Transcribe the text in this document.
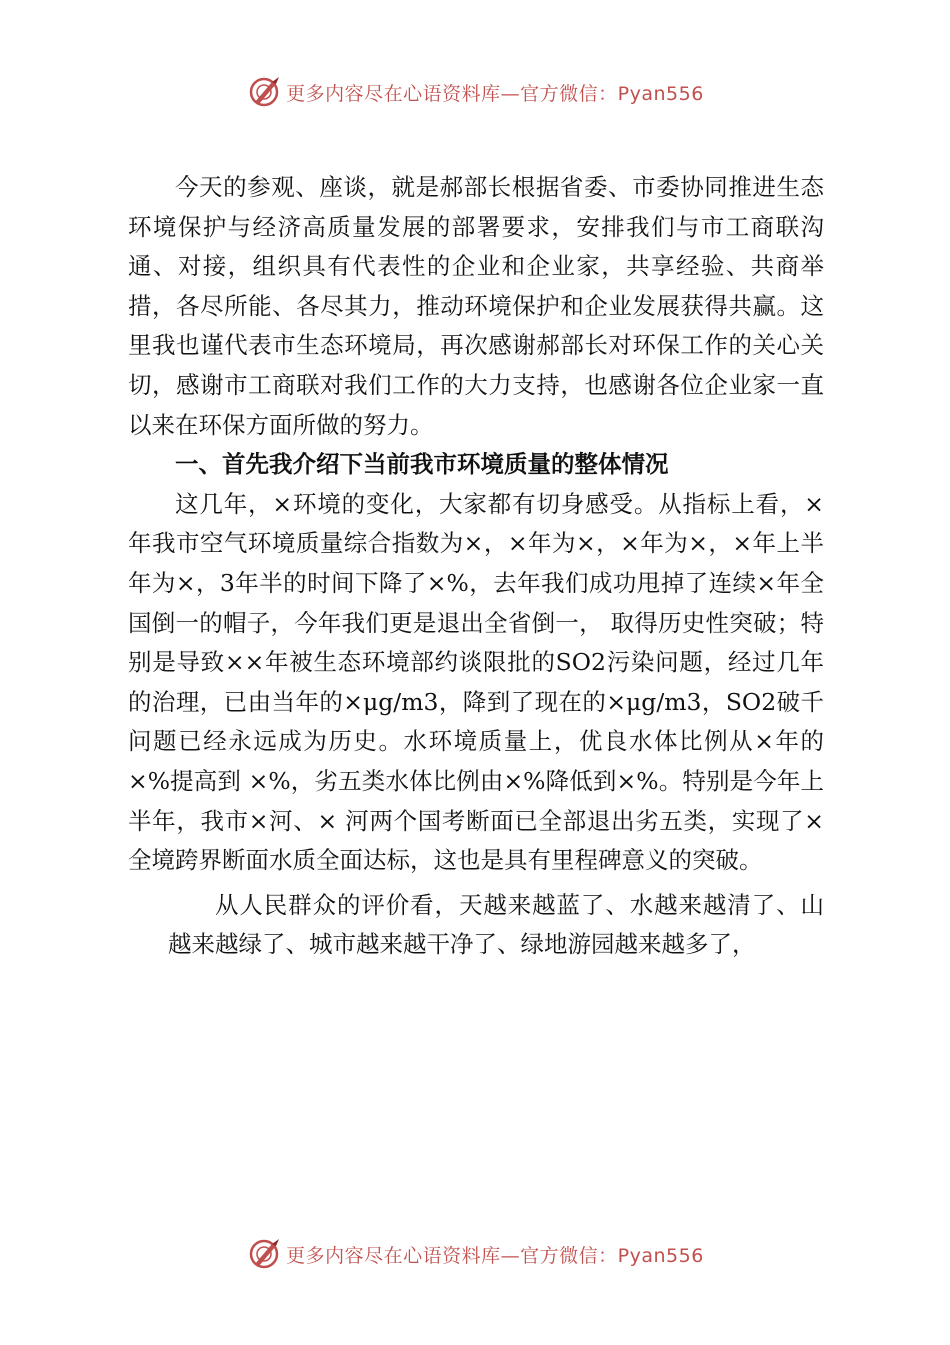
更多内容尽在心语资料库—官方微信：Pyan556

今天的参观、座谈，就是郝部长根据省委、市委协同推进生态环境保护与经济高质量发展的部署要求，安排我们与市工商联沟通、对接，组织具有代表性的企业和企业家，共享经验、共商举措，各尽所能、各尽其力，推动环境保护和企业发展获得共赢。这里我也谨代表市生态环境局，再次感谢郝部长对环保工作的关心关切，感谢市工商联对我们工作的大力支持，也感谢各位企业家一直以来在环保方面所做的努力。

一、首先我介绍下当前我市环境质量的整体情况

这几年，×环境的变化，大家都有切身感受。从指标上看，×年我市空气环境质量综合指数为×，×年为×，×年为×，×年上半年为×，3年半的时间下降了×%，去年我们成功甩掉了连续×年全国倒一的帽子，今年我们更是退出全省倒一， 取得历史性突破；特别是导致××年被生态环境部约谈限批的SO2污染问题，经过几年的治理，已由当年的×μg/m3，降到了现在的×μg/m3，SO2破千问题已经永远成为历史。水环境质量上，优良水体比例从×年的×%提高到 ×%，劣五类水体比例由×%降低到×%。特别是今年上半年，我市×河、× 河两个国考断面已全部退出劣五类，实现了×全境跨界断面水质全面达标，这也是具有里程碑意义的突破。

从人民群众的评价看，天越来越蓝了、水越来越清了、山越来越绿了、城市越来越干净了、绿地游园越来越多了，

更多内容尽在心语资料库—官方微信：Pyan556
